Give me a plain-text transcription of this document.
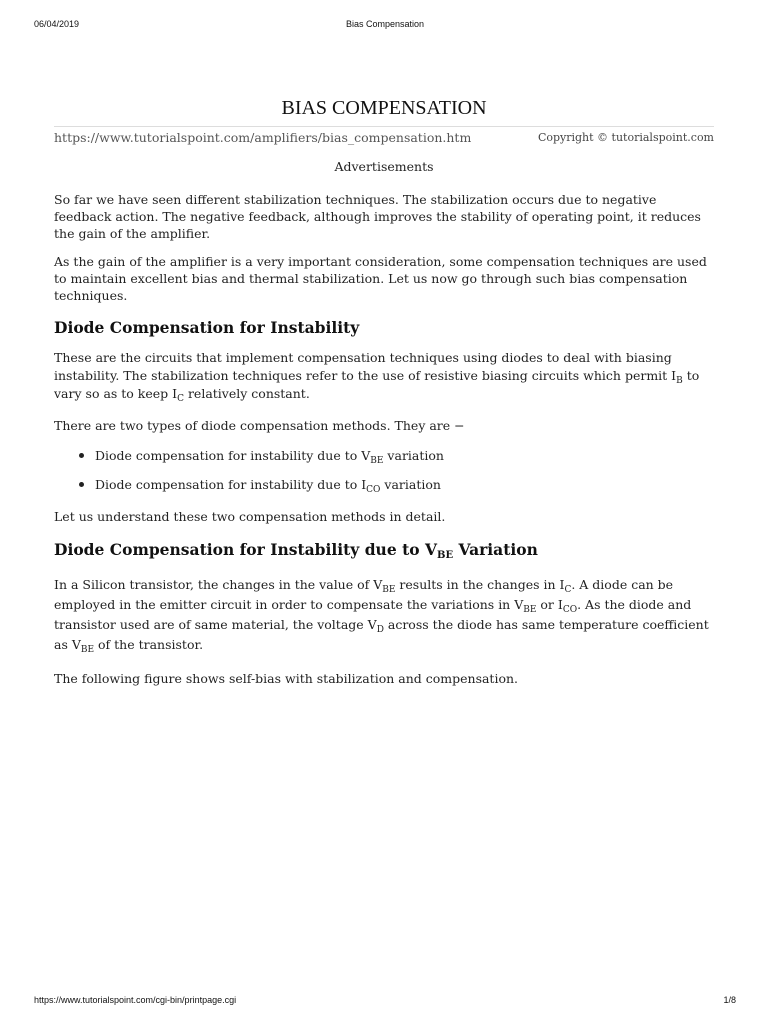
06/04/2019	Bias Compensation
BIAS COMPENSATION
https://www.tutorialspoint.com/amplifiers/bias_compensation.htm	Copyright © tutorialspoint.com
Advertisements

So far we have seen different stabilization techniques. The stabilization occurs due to negative feedback action. The negative feedback, although improves the stability of operating point, it reduces the gain of the amplifier.

As the gain of the amplifier is a very important consideration, some compensation techniques are used to maintain excellent bias and thermal stabilization. Let us now go through such bias compensation techniques.

Diode Compensation for Instability

These are the circuits that implement compensation techniques using diodes to deal with biasing instability. The stabilization techniques refer to the use of resistive biasing circuits which permit $I_B$ to vary so as to keep $I_C$ relatively constant.

There are two types of diode compensation methods. They are −

Diode compensation for instability due to $V_{BE}$ variation
Diode compensation for instability due to $I_{CO}$ variation

Let us understand these two compensation methods in detail.

Diode Compensation for Instability due to $V_{BE}$ Variation

In a Silicon transistor, the changes in the value of $V_{BE}$ results in the changes in $I_C$. A diode can be employed in the emitter circuit in order to compensate the variations in $V_{BE}$ or $I_{CO}$. As the diode and transistor used are of same material, the voltage $V_D$ across the diode has same temperature coefficient as $V_{BE}$ of the transistor.

The following figure shows self-bias with stabilization and compensation.

https://www.tutorialspoint.com/cgi-bin/printpage.cgi	1/8
